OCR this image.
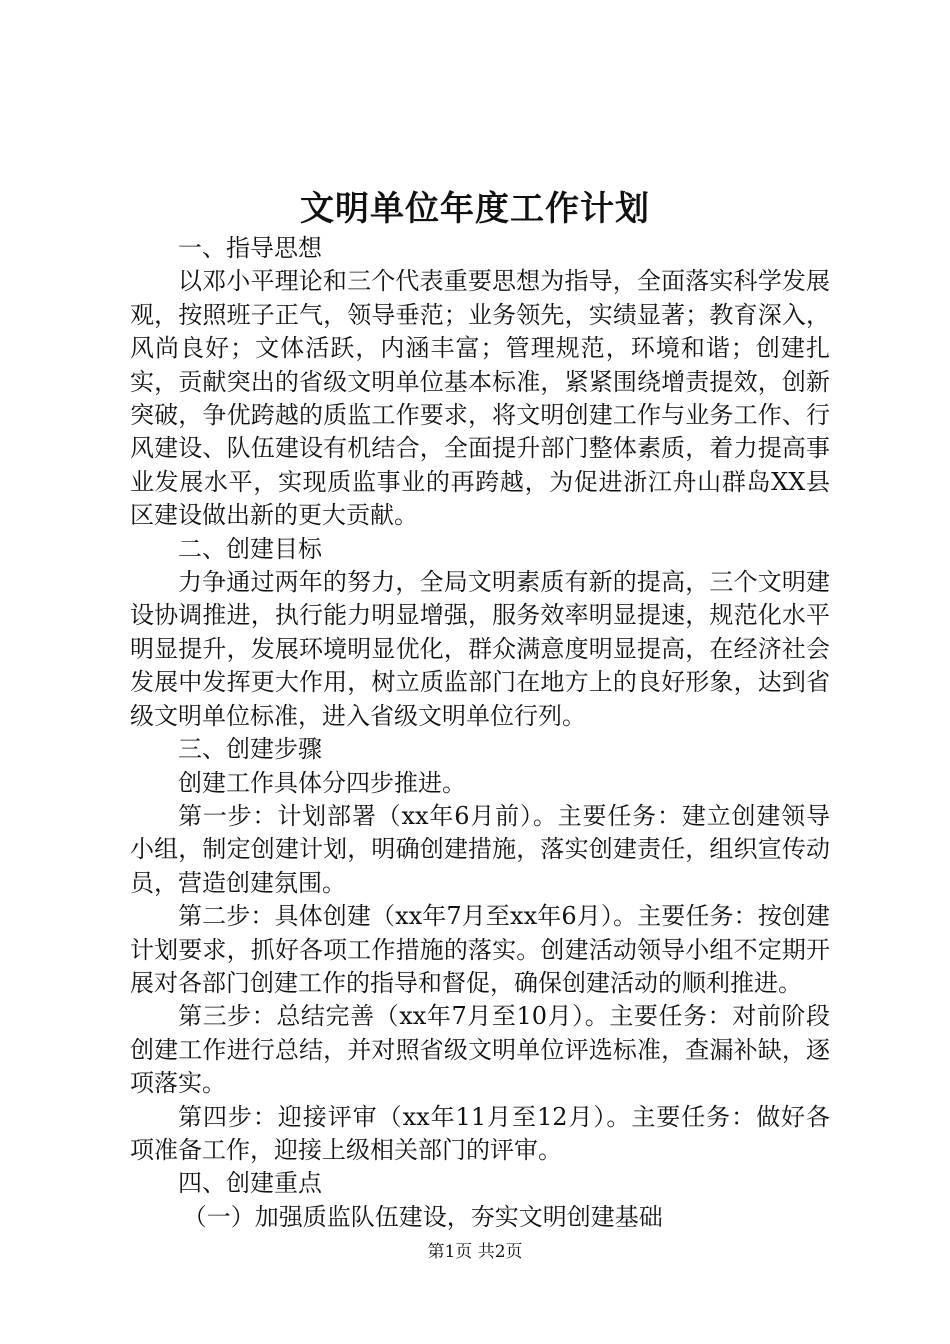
文明单位年度工作计划

一、指导思想

以邓小平理论和三个代表重要思想为指导，全面落实科学发展观，按照班子正气，领导垂范；业务领先，实绩显著；教育深入，风尚良好；文体活跃，内涵丰富；管理规范，环境和谐；创建扎实，贡献突出的省级文明单位基本标准，紧紧围绕增责提效，创新突破，争优跨越的质监工作要求，将文明创建工作与业务工作、行风建设、队伍建设有机结合，全面提升部门整体素质，着力提高事业发展水平，实现质监事业的再跨越，为促进浙江舟山群岛XX县区建设做出新的更大贡献。

二、创建目标

力争通过两年的努力，全局文明素质有新的提高，三个文明建设协调推进，执行能力明显增强，服务效率明显提速，规范化水平明显提升，发展环境明显优化，群众满意度明显提高，在经济社会发展中发挥更大作用，树立质监部门在地方上的良好形象，达到省级文明单位标准，进入省级文明单位行列。

三、创建步骤

创建工作具体分四步推进。

第一步：计划部署（xx年6月前）。主要任务：建立创建领导小组，制定创建计划，明确创建措施，落实创建责任，组织宣传动员，营造创建氛围。

第二步：具体创建（xx年7月至xx年6月）。主要任务：按创建计划要求，抓好各项工作措施的落实。创建活动领导小组不定期开展对各部门创建工作的指导和督促，确保创建活动的顺利推进。

第三步：总结完善（xx年7月至10月）。主要任务：对前阶段创建工作进行总结，并对照省级文明单位评选标准，查漏补缺，逐项落实。

第四步：迎接评审（xx年11月至12月）。主要任务：做好各项准备工作，迎接上级相关部门的评审。

四、创建重点

（一）加强质监队伍建设，夯实文明创建基础

第1页 共2页
